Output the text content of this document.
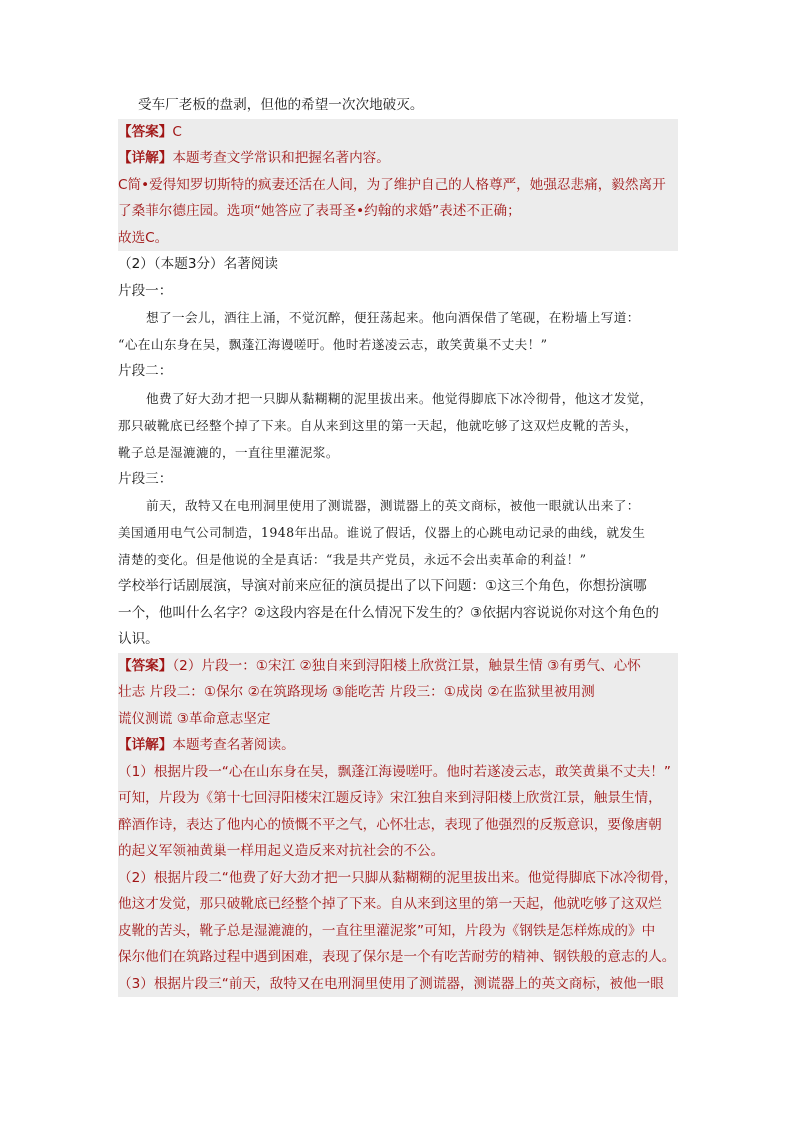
受车厂老板的盘剥，但他的希望一次次地破灭。
【答案】C
【详解】本题考查文学常识和把握名著内容。
C简•爱得知罗切斯特的疯妻还活在人间，为了维护自己的人格尊严，她强忍悲痛，毅然离开
了桑菲尔德庄园。选项“她答应了表哥圣•约翰的求婚”表述不正确；
故选C。
（2）（本题3分）名著阅读
片段一：
想了一会儿，酒往上涌，不觉沉醉，便狂荡起来。他向酒保借了笔砚，在粉墙上写道：
“心在山东身在吴，飘蓬江海谩嗟吁。他时若遂凌云志，敢笑黄巢不丈夫！”
片段二：
他费了好大劲才把一只脚从黏糊糊的泥里拔出来。他觉得脚底下冰冷彻骨，他这才发觉，
那只破靴底已经整个掉了下来。自从来到这里的第一天起，他就吃够了这双烂皮靴的苦头，
靴子总是湿漉漉的，一直往里灌泥浆。
片段三：
前天，敌特又在电刑洞里使用了测谎器，测谎器上的英文商标，被他一眼就认出来了：
美国通用电气公司制造，1948年出品。谁说了假话，仪器上的心跳电动记录的曲线，就发生
清楚的变化。但是他说的全是真话：“我是共产党员，永远不会出卖革命的利益！”
学校举行话剧展演，导演对前来应征的演员提出了以下问题：①这三个角色，你想扮演哪
一个，他叫什么名字？②这段内容是在什么情况下发生的？③依据内容说说你对这个角色的
认识。
【答案】（2）片段一：①宋江 ②独自来到浔阳楼上欣赏江景，触景生情 ③有勇气、心怀
壮志 片段二：①保尔 ②在筑路现场 ③能吃苦 片段三：①成岗 ②在监狱里被用测
谎仪测谎 ③革命意志坚定
【详解】本题考查名著阅读。
（1）根据片段一“心在山东身在吴，飘蓬江海谩嗟吁。他时若遂凌云志，敢笑黄巢不丈夫！”
可知，片段为《第十七回浔阳楼宋江题反诗》宋江独自来到浔阳楼上欣赏江景，触景生情，
醉酒作诗，表达了他内心的愤慨不平之气，心怀壮志，表现了他强烈的反叛意识，要像唐朝
的起义军领袖黄巢一样用起义造反来对抗社会的不公。
（2）根据片段二“他费了好大劲才把一只脚从黏糊糊的泥里拔出来。他觉得脚底下冰冷彻骨，
他这才发觉，那只破靴底已经整个掉了下来。自从来到这里的第一天起，他就吃够了这双烂
皮靴的苦头，靴子总是湿漉漉的，一直往里灌泥浆”可知，片段为《钢铁是怎样炼成的》中
保尔他们在筑路过程中遇到困难，表现了保尔是一个有吃苦耐劳的精神、钢铁般的意志的人。
（3）根据片段三“前天，敌特又在电刑洞里使用了测谎器，测谎器上的英文商标，被他一眼
